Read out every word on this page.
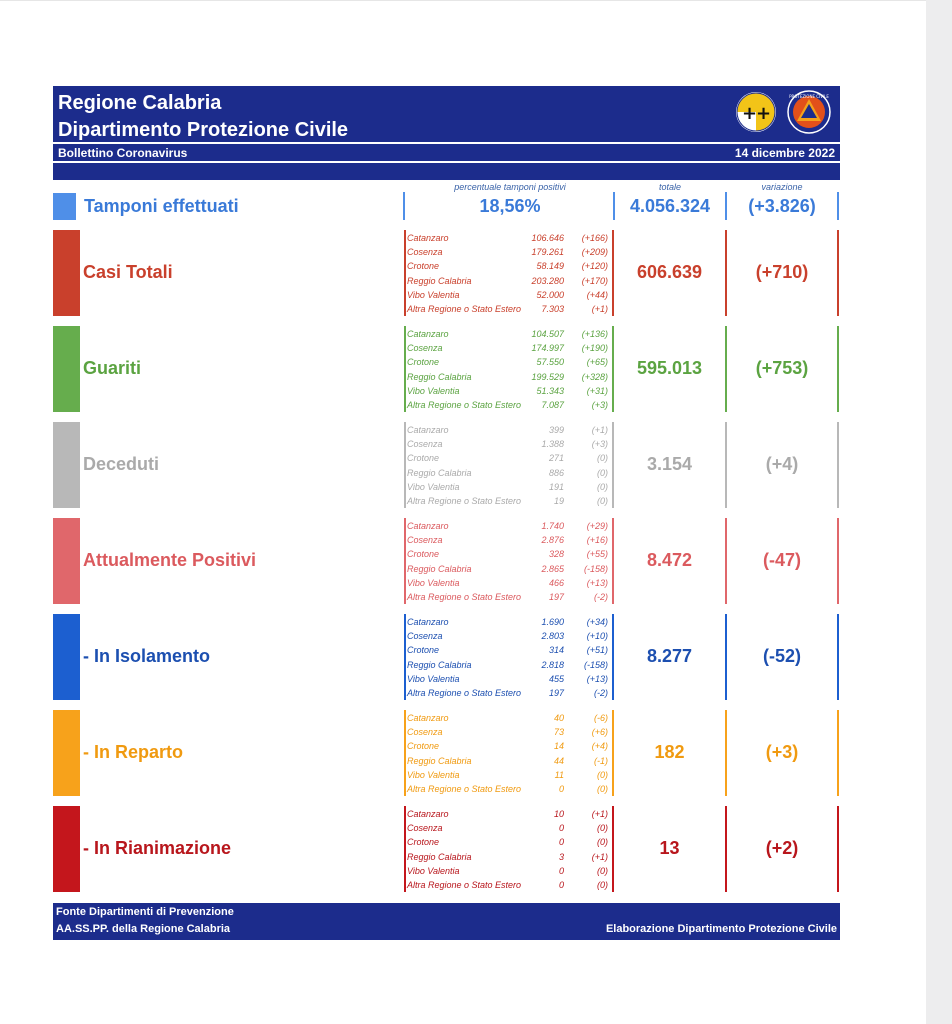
Regione Calabria
Dipartimento Protezione Civile
Bollettino Coronavirus	14 dicembre 2022
+
+
PROTEZIONE CIVILE
percentuale tamponi positivi	totale	variazione
Tamponi effettuati	18,56%	4.056.324	(+3.826)
Casi Totali
Catanzaro	106.646 (+166)
Cosenza	179.261 (+209)
Crotone	58.149 (+120)
Reggio Calabria	203.280 (+170)
Vibo Valentia	52.000	(+44)
Altra Regione o Stato Estero 7.303	(+1)
606.639	(+710)
Guariti
Catanzaro	104.507 (+136)
Cosenza	174.997 (+190)
Crotone	57.550	(+65)
Reggio Calabria	199.529 (+328)
Vibo Valentia	51.343	(+31)
Altra Regione o Stato Estero 7.087	(+3)
595.013	(+753)
Deceduti
Catanzaro	399	(+1)
Cosenza	1.388	(+3)
Crotone	271	(0)
Reggio Calabria	886	(0)
Vibo Valentia	191	(0)
Altra Regione o Stato Estero	19	(0)
3.154	(+4)
Attualmente Positivi
Catanzaro	1.740	(+29)
Cosenza	2.876	(+16)
Crotone	328	(+55)
Reggio Calabria	2.865 (-158)
Vibo Valentia	466	(+13)
Altra Regione o Stato Estero	197	(-2)
8.472	(-47)
- In Isolamento
Catanzaro	1.690	(+34)
Cosenza	2.803	(+10)
Crotone	314	(+51)
Reggio Calabria	2.818 (-158)
Vibo Valentia	455	(+13)
Altra Regione o Stato Estero	197	(-2)
8.277	(-52)
- In Reparto
Catanzaro	40	(-6)
Cosenza	73	(+6)
Crotone	14	(+4)
Reggio Calabria	44	(-1)
Vibo Valentia	11	(0)
Altra Regione o Stato Estero	0	(0)
182	(+3)
- In Rianimazione
Catanzaro	10	(+1)
Cosenza	0	(0)
Crotone	0	(0)
Reggio Calabria	3	(+1)
Vibo Valentia	0	(0)
Altra Regione o Stato Estero	0	(0)
13	(+2)
Fonte Dipartimenti di Prevenzione
AA.SS.PP. della Regione Calabria	Elaborazione Dipartimento Protezione Civile
